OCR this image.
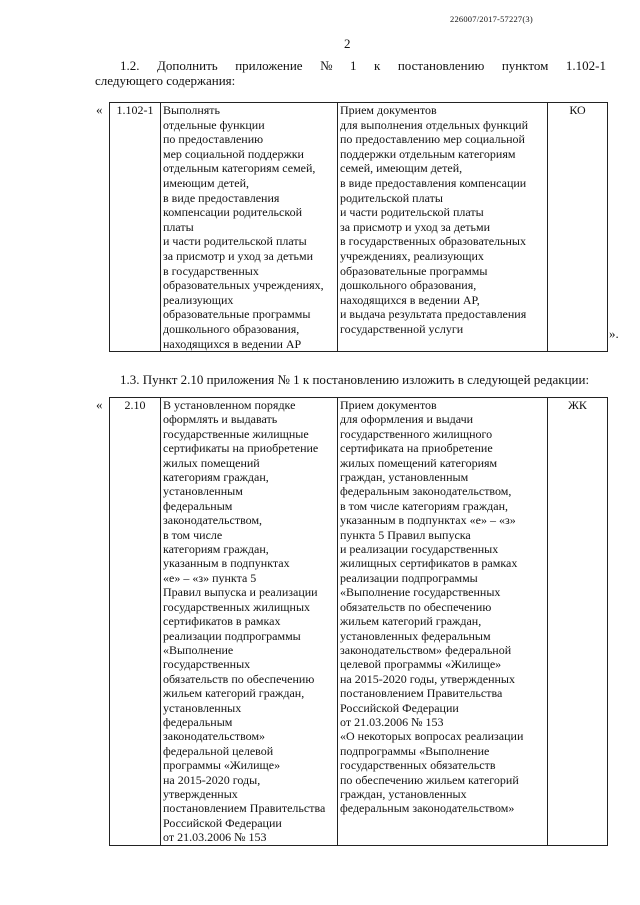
226007/2017-57227(3)
2
1.2. Дополнить приложение № 1 к постановлению пунктом 1.102-1
следующего содержания:
« 1.102-1	Выполнять
отдельные функции
по предоставлению
мер социальной поддержки
отдельным категориям семей,
имеющим детей,
в виде предоставления
компенсации родительской платы
и части родительской платы
за присмотр и уход за детьми
в государственных
образовательных учреждениях,
реализующих
образовательные программы
дошкольного образования,
находящихся в ведении АР	Прием документов
для выполнения отдельных функций
по предоставлению мер социальной
поддержки отдельным категориям
семей, имеющим детей,
в виде предоставления компенсации
родительской платы
и части родительской платы
за присмотр и уход за детьми
в государственных образовательных
учреждениях, реализующих
образовательные программы
дошкольного образования,
находящихся в ведении АР,
и выдача результата предоставления
государственной услуги	КО
».
1.3. Пункт 2.10 приложения № 1 к постановлению изложить в следующей редакции:
« 2.10	В установленном порядке
оформлять и выдавать
государственные жилищные
сертификаты на приобретение
жилых помещений
категориям граждан,
установленным
федеральным
законодательством,
в том числе
категориям граждан,
указанным в подпунктах
«е» – «з» пункта 5
Правил выпуска и реализации
государственных жилищных
сертификатов в рамках
реализации подпрограммы
«Выполнение
государственных
обязательств по обеспечению
жильем категорий граждан,
установленных
федеральным
законодательством»
федеральной целевой
программы «Жилище»
на 2015-2020 годы,
утвержденных
постановлением Правительства
Российской Федерации
от 21.03.2006 № 153	Прием документов
для оформления и выдачи
государственного жилищного
сертификата на приобретение
жилых помещений категориям
граждан, установленным
федеральным законодательством,
в том числе категориям граждан,
указанным в подпунктах «е» – «з»
пункта 5 Правил выпуска
и реализации государственных
жилищных сертификатов в рамках
реализации подпрограммы
«Выполнение государственных
обязательств по обеспечению
жильем категорий граждан,
установленных федеральным
законодательством» федеральной
целевой программы «Жилище»
на 2015-2020 годы, утвержденных
постановлением Правительства
Российской Федерации
от 21.03.2006 № 153
«О некоторых вопросах реализации
подпрограммы «Выполнение
государственных обязательств
по обеспечению жильем категорий
граждан, установленных
федеральным законодательством»	ЖК
